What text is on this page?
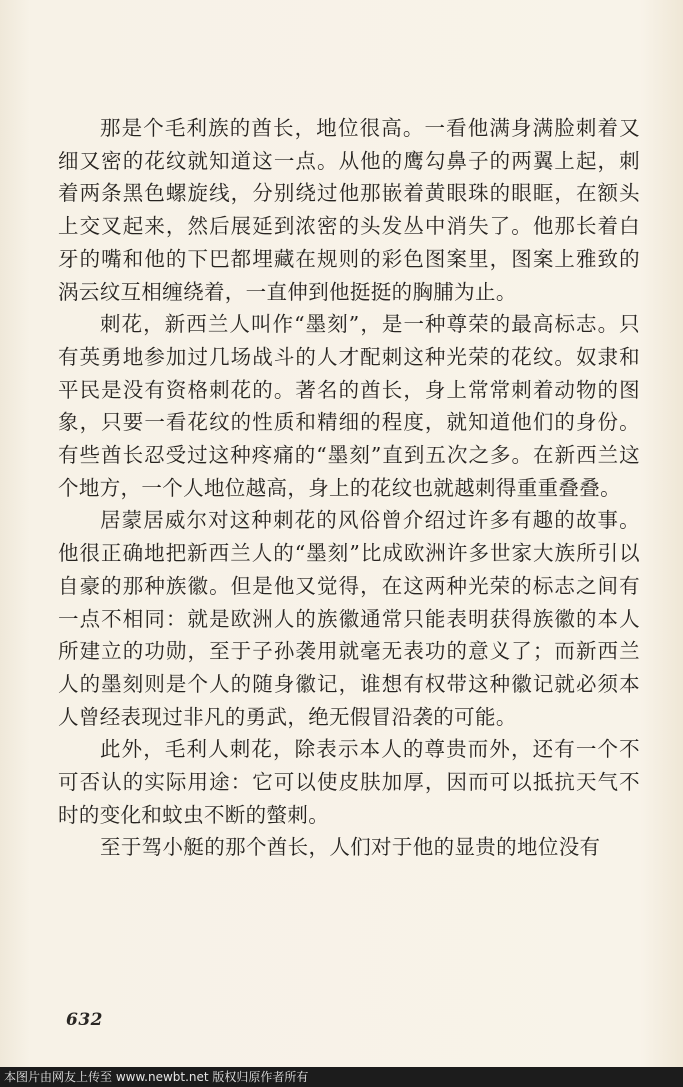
那是个毛利族的酋长，地位很高。一看他满身满脸刺着又细又密的花纹就知道这一点。从他的鹰勾鼻子的两翼上起，刺着两条黑色螺旋线，分别绕过他那嵌着黄眼珠的眼眶，在额头上交叉起来，然后展延到浓密的头发丛中消失了。他那长着白牙的嘴和他的下巴都埋藏在规则的彩色图案里，图案上雅致的涡云纹互相缠绕着，一直伸到他挺挺的胸脯为止。

刺花，新西兰人叫作“墨刻”，是一种尊荣的最高标志。只有英勇地参加过几场战斗的人才配刺这种光荣的花纹。奴隶和平民是没有资格刺花的。著名的酋长，身上常常刺着动物的图象，只要一看花纹的性质和精细的程度，就知道他们的身份。有些酋长忍受过这种疼痛的“墨刻”直到五次之多。在新西兰这个地方，一个人地位越高，身上的花纹也就越刺得重重叠叠。

居蒙居威尔对这种刺花的风俗曾介绍过许多有趣的故事。他很正确地把新西兰人的“墨刻”比成欧洲许多世家大族所引以自豪的那种族徽。但是他又觉得，在这两种光荣的标志之间有一点不相同：就是欧洲人的族徽通常只能表明获得族徽的本人所建立的功勋，至于子孙袭用就毫无表功的意义了；而新西兰人的墨刻则是个人的随身徽记，谁想有权带这种徽记就必须本人曾经表现过非凡的勇武，绝无假冒沿袭的可能。

此外，毛利人刺花，除表示本人的尊贵而外，还有一个不可否认的实际用途：它可以使皮肤加厚，因而可以抵抗天气不时的变化和蚊虫不断的螫刺。

至于驾小艇的那个酋长，人们对于他的显贵的地位没有

632
本图片由网友上传至 www.newbt.net 版权归原作者所有
